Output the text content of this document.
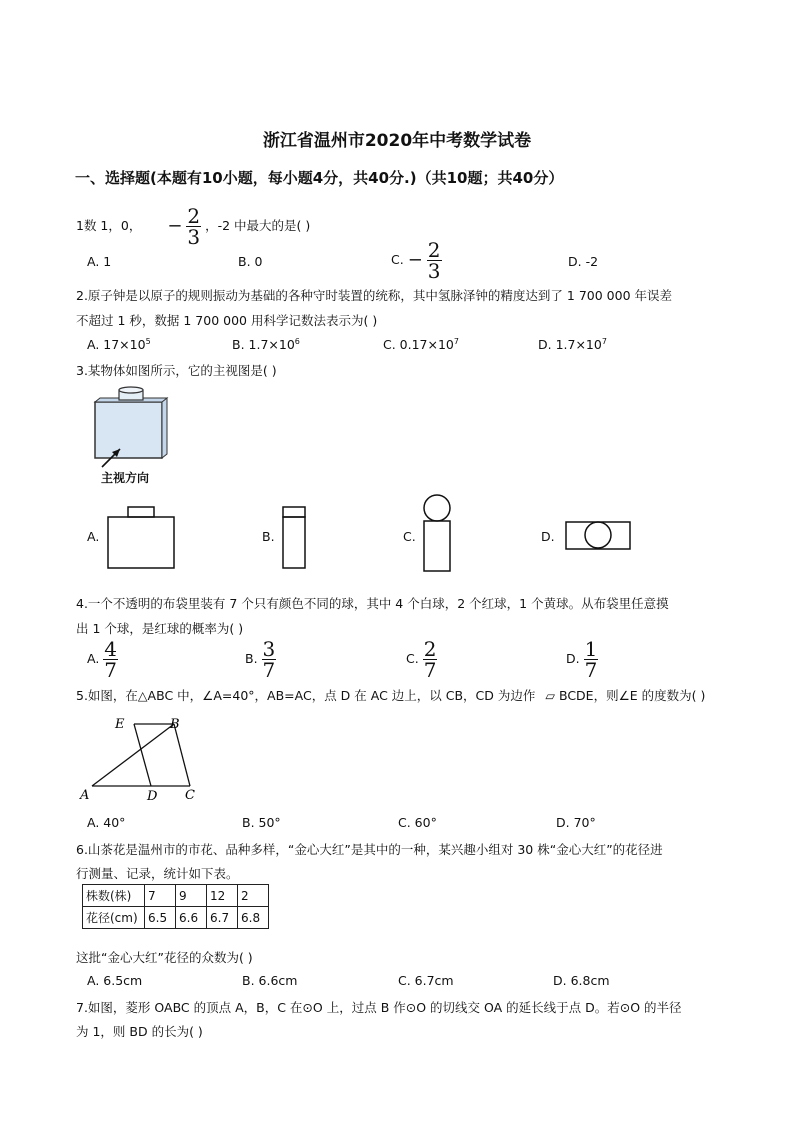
浙江省温州市2020年中考数学试卷
一、选择题(本题有10小题，每小题4分，共40分.)（共10题；共40分）
1数 1，0， − $\frac{2}{3}$ ，-2 中最大的是( )
A. 1	B. 0	C. − $\frac{2}{3}$	D. -2
2.原子钟是以原子的规则振动为基础的各种守时装置的统称，其中氢脉泽钟的精度达到了 1 700 000 年误差
不超过 1 秒，数据 1 700 000 用科学记数法表示为( )
A. $17\times 10^5$	B. $1.7\times 10^6$	C. $0.17\times 10^7$	D. $1.7\times 10^7$
3.某物体如图所示，它的主视图是( )
主视方向
A.	B.	C.	D.
4.一个不透明的布袋里装有 7 个只有颜色不同的球，其中 4 个白球，2 个红球，1 个黄球。从布袋里任意摸
出 1 个球，是红球的概率为( )
A. $\frac{4}{7}$	B. $\frac{3}{7}$	C. $\frac{2}{7}$	D. $\frac{1}{7}$
5.如图，在△ABC 中，∠A=40°，AB=AC，点 D 在 AC 边上，以 CB，CD 为边作 ▱ BCDE，则∠E 的度数为( )
E	B
A	D C
A. 40°	B. 50°	C. 60°	D. 70°
6.山茶花是温州市的市花、品种多样，“金心大红”是其中的一种，某兴趣小组对 30 株“金心大红”的花径进
行测量、记录，统计如下表。
株数(株)	7	9	12	2
花径(cm)	6.5	6.6	6.7	6.8
这批“金心大红”花径的众数为( )
A. 6.5cm	B. 6.6cm	C. 6.7cm	D. 6.8cm
7.如图，菱形 OABC 的顶点 A，B，C 在⊙O 上，过点 B 作⊙O 的切线交 OA 的延长线于点 D。若⊙O 的半径
为 1，则 BD 的长为( )
